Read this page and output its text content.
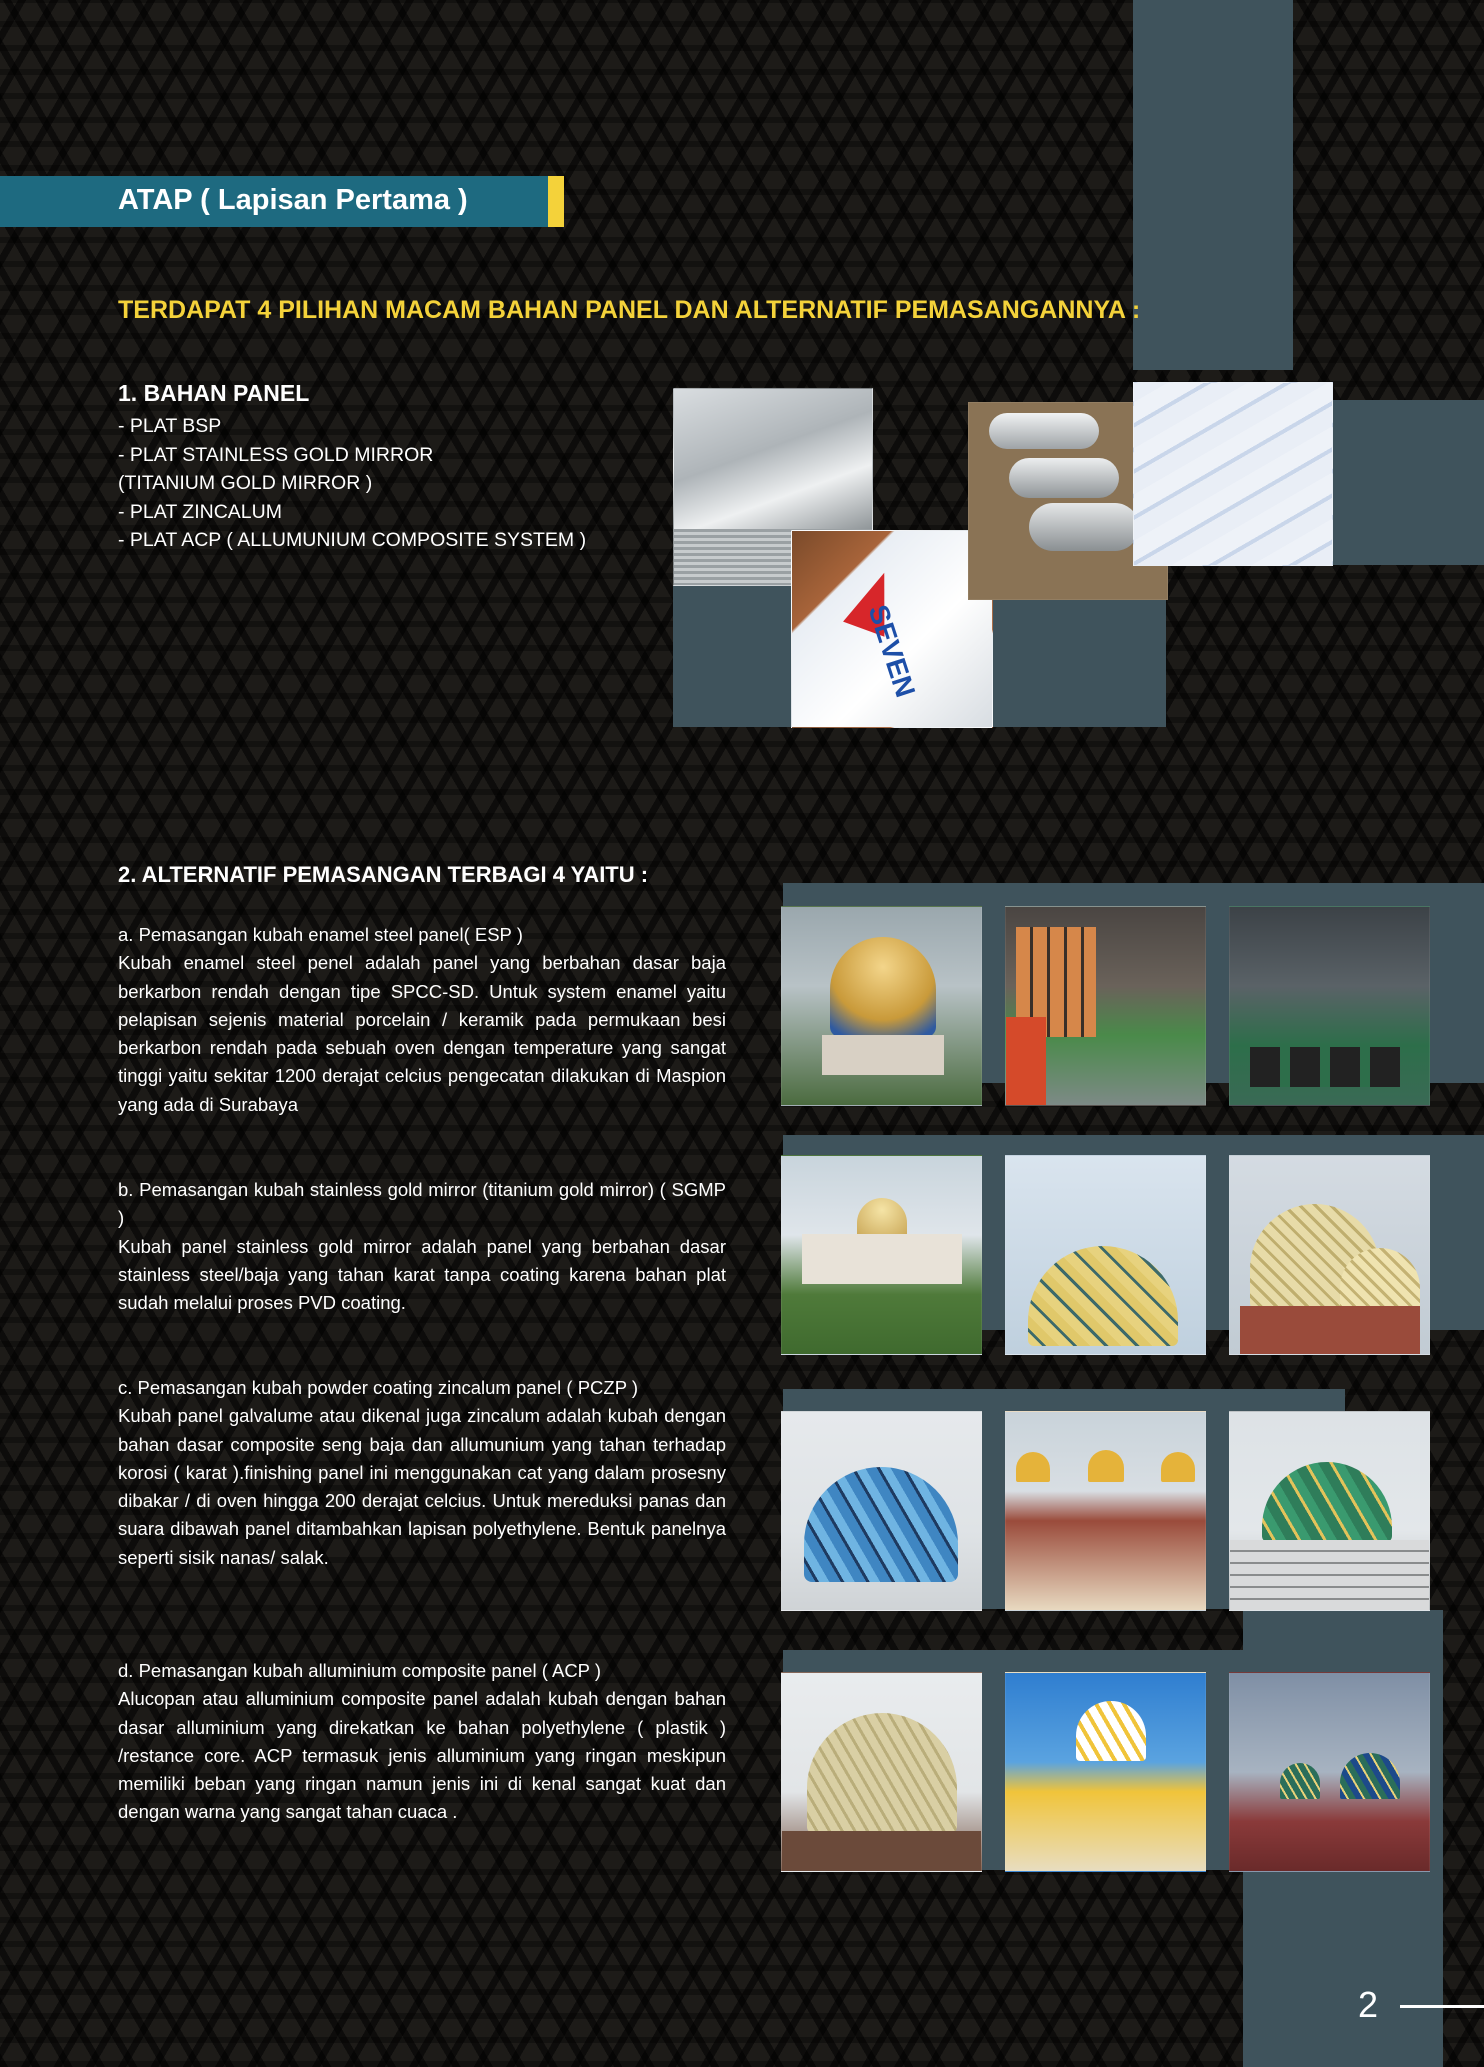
ATAP ( Lapisan Pertama )
TERDAPAT 4 PILIHAN MACAM BAHAN PANEL DAN ALTERNATIF PEMASANGANNYA :
1. BAHAN PANEL
- PLAT BSP
- PLAT STAINLESS GOLD MIRROR
(TITANIUM GOLD MIRROR )
- PLAT ZINCALUM
- PLAT ACP ( ALLUMUNIUM COMPOSITE SYSTEM )
SEVEN
2. ALTERNATIF PEMASANGAN TERBAGI 4 YAITU :
a. Pemasangan kubah enamel steel panel( ESP )
Kubah enamel steel penel adalah panel yang berbahan dasar baja berkarbon rendah dengan tipe SPCC-SD. Untuk system enamel yaitu pelapisan sejenis material porcelain / keramik pada permukaan besi berkarbon rendah pada sebuah oven dengan temperature yang sangat tinggi yaitu sekitar 1200 derajat celcius pengecatan dilakukan di Maspion yang ada di Surabaya
b. Pemasangan kubah stainless gold mirror (titanium gold mirror) ( SGMP )
Kubah panel stainless gold mirror adalah panel yang berbahan dasar stainless steel/baja yang tahan karat tanpa coating karena bahan plat sudah melalui proses PVD coating.
c. Pemasangan kubah powder coating zincalum panel ( PCZP )
Kubah panel galvalume atau dikenal juga zincalum adalah kubah dengan bahan dasar composite seng baja dan allumunium yang tahan terhadap korosi ( karat ).finishing panel ini menggunakan cat yang dalam prosesny dibakar / di oven hingga 200 derajat celcius. Untuk mereduksi panas dan suara dibawah panel ditambahkan lapisan polyethylene. Bentuk panelnya seperti sisik nanas/ salak.
d. Pemasangan kubah alluminium composite panel ( ACP )
Alucopan atau alluminium composite panel adalah kubah dengan bahan dasar alluminium yang direkatkan ke bahan polyethylene ( plastik ) /restance core. ACP termasuk jenis alluminium yang ringan meskipun memiliki beban yang ringan namun jenis ini di kenal sangat kuat dan dengan warna yang sangat tahan cuaca .
2
